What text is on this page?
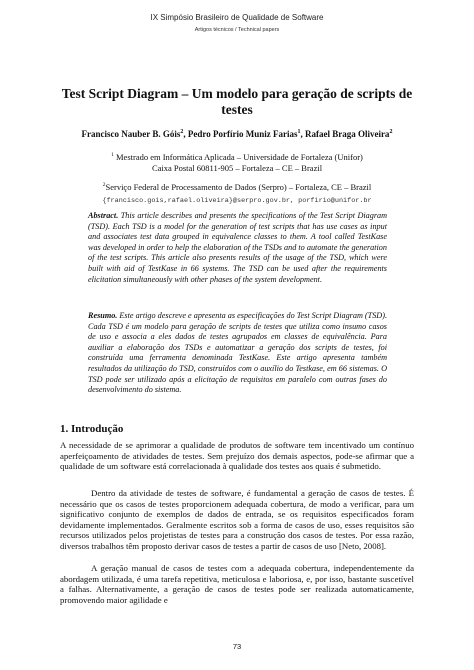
IX Simpósio Brasileiro de Qualidade de Software
Artigos técnicos / Technical papers
Test Script Diagram – Um modelo para geração de scripts de testes
Francisco Nauber B. Góis$^2$, Pedro Porfírio Muniz Farias$^1$, Rafael Braga Oliveira$^2$
$^1$ Mestrado em Informática Aplicada – Universidade de Fortaleza (Unifor)
Caixa Postal 60811-905 – Fortaleza – CE – Brazil
$^2$Serviço Federal de Processamento de Dados (Serpro) – Fortaleza, CE – Brazil
{francisco.gois,rafael.oliveira}@serpro.gov.br, porfirio@unifor.br
Abstract. This article describes and presents the specifications of the Test Script Diagram (TSD). Each TSD is a model for the generation of test scripts that has use cases as input and associates test data grouped in equivalence classes to them. A tool called TestKase was developed in order to help the elaboration of the TSDs and to automate the generation of the test scripts. This article also presents results of the usage of the TSD, which were built with aid of TestKase in 66 systems. The TSD can be used after the requirements elicitation simultaneously with other phases of the system development.
Resumo. Este artigo descreve e apresenta as especificações do Test Script Diagram (TSD). Cada TSD é um modelo para geração de scripts de testes que utiliza como insumo casos de uso e associa a eles dados de testes agrupados em classes de equivalência. Para auxiliar a elaboração dos TSDs e automatizar a geração dos scripts de testes, foi construída uma ferramenta denominada TestKase. Este artigo apresenta também resultados da utilização do TSD, construídos com o auxílio do Testkase, em 66 sistemas. O TSD pode ser utilizado após a elicitação de requisitos em paralelo com outras fases do desenvolvimento do sistema.
1. Introdução
A necessidade de se aprimorar a qualidade de produtos de software tem incentivado um contínuo aperfeiçoamento de atividades de testes. Sem prejuízo dos demais aspectos, pode-se afirmar que a qualidade de um software está correlacionada à qualidade dos testes aos quais é submetido.
Dentro da atividade de testes de software, é fundamental a geração de casos de testes. É necessário que os casos de testes proporcionem adequada cobertura, de modo a verificar, para um significativo conjunto de exemplos de dados de entrada, se os requisitos especificados foram devidamente implementados. Geralmente escritos sob a forma de casos de uso, esses requisitos são recursos utilizados pelos projetistas de testes para a construção dos casos de testes. Por essa razão, diversos trabalhos têm proposto derivar casos de testes a partir de casos de uso [Neto, 2008].
A geração manual de casos de testes com a adequada cobertura, independentemente da abordagem utilizada, é uma tarefa repetitiva, meticulosa e laboriosa, e, por isso, bastante suscetível a falhas. Alternativamente, a geração de casos de testes pode ser realizada automaticamente, promovendo maior agilidade e
73
